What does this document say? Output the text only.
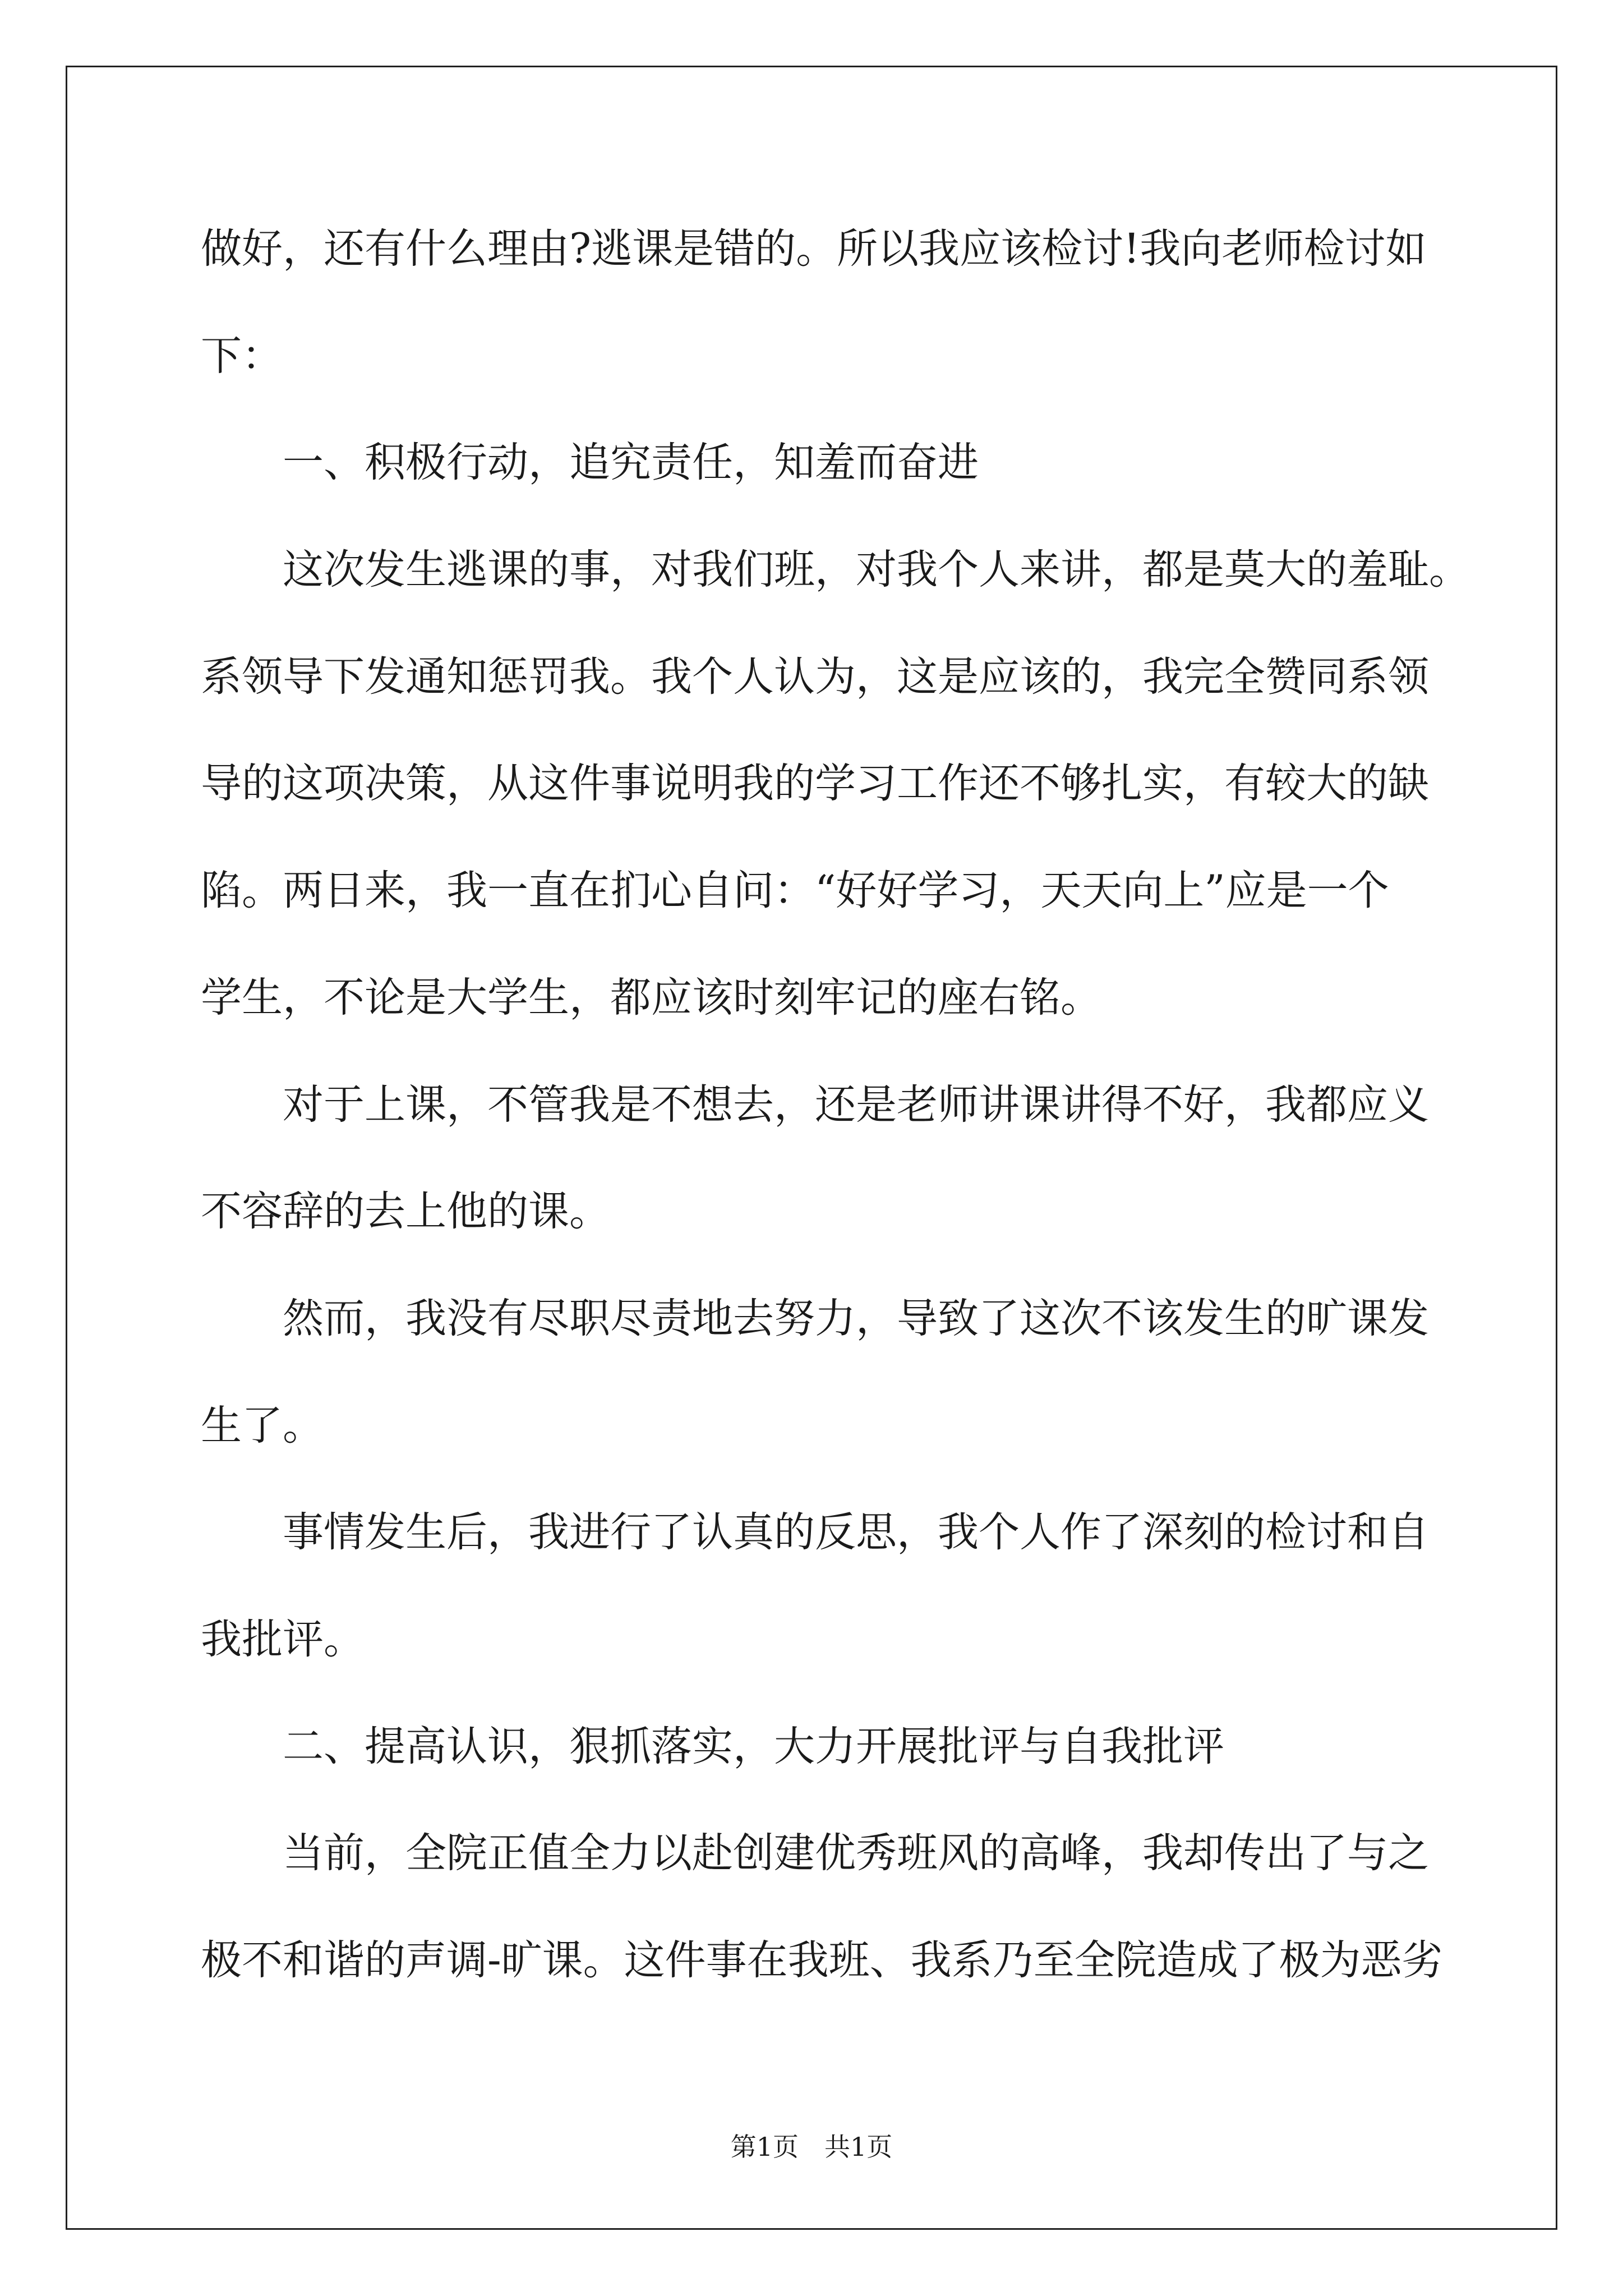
做好，还有什么理由?逃课是错的。所以我应该检讨!我向老师检讨如
下：
一、积极行动，追究责任，知羞而奋进
这次发生逃课的事，对我们班，对我个人来讲，都是莫大的羞耻。
系领导下发通知惩罚我。我个人认为，这是应该的，我完全赞同系领
导的这项决策，从这件事说明我的学习工作还不够扎实，有较大的缺
陷。两日来，我一直在扪心自问：“好好学习，天天向上”应是一个
学生，不论是大学生，都应该时刻牢记的座右铭。
对于上课，不管我是不想去，还是老师讲课讲得不好，我都应义
不容辞的去上他的课。
然而，我没有尽职尽责地去努力，导致了这次不该发生的旷课发
生了。
事情发生后，我进行了认真的反思，我个人作了深刻的检讨和自
我批评。
二、提高认识，狠抓落实，大力开展批评与自我批评
当前，全院正值全力以赴创建优秀班风的高峰，我却传出了与之
极不和谐的声调-旷课。这件事在我班、我系乃至全院造成了极为恶劣
第1页 共1页
